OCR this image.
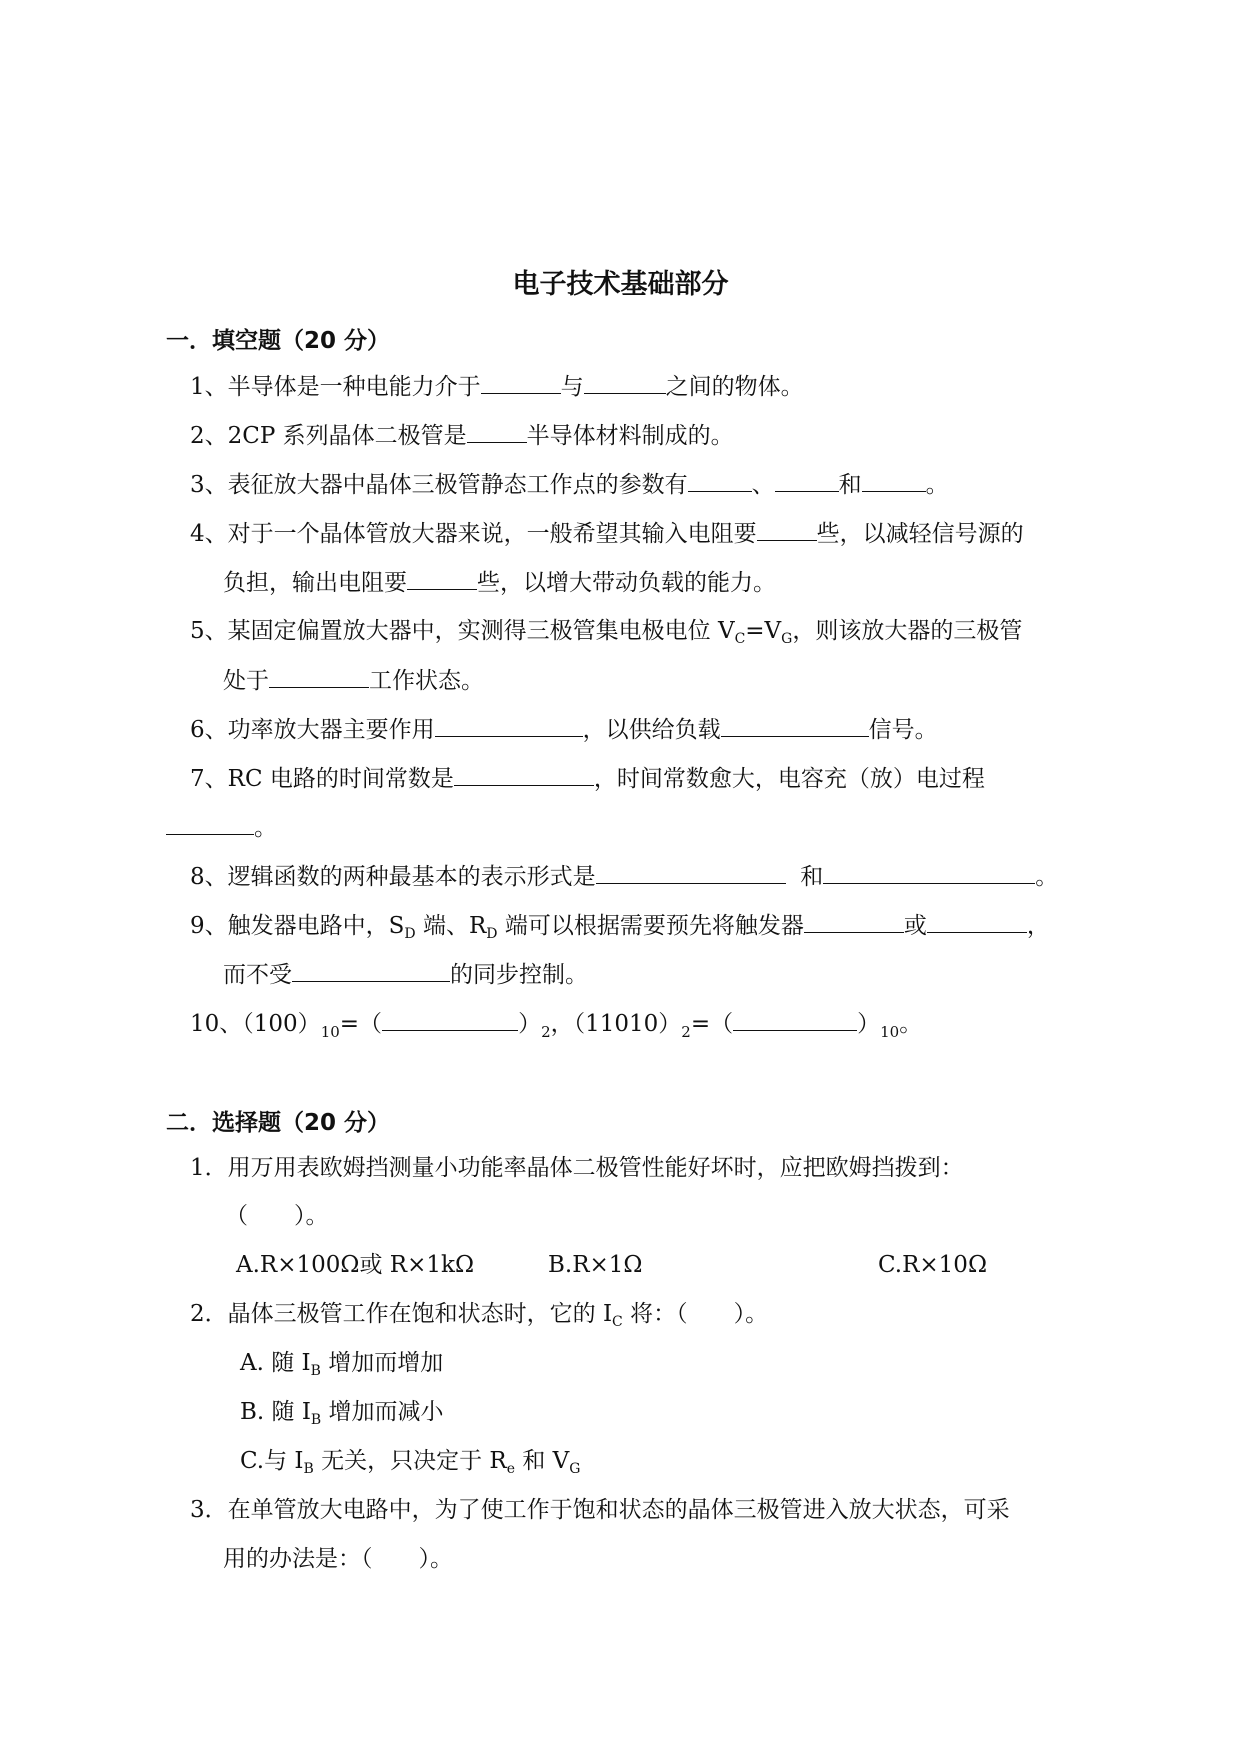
电子技术基础部分
一．填空题（20 分）
1、半导体是一种电能力介于	与	之间的物体。
2、2CP 系列晶体二极管是	半导体材料制成的。
3、表征放大器中晶体三极管静态工作点的参数有	、	和	。
4、对于一个晶体管放大器来说，一般希望其输入电阻要	些，以减轻信号源的
负担，输出电阻要	些，以增大带动负载的能力。
5、某固定偏置放大器中，实测得三极管集电极电位 $V_C=V_G$，则该放大器的三极管
处于	工作状态。
6、功率放大器主要作用	，以供给负载	信号。
7、RC 电路的时间常数是	，时间常数愈大，电容充（放）电过程
。
8、逻辑函数的两种最基本的表示形式是	和	。
9、触发器电路中，$S_D$ 端、$R_D$ 端可以根据需要预先将触发器	或	，
而不受	的同步控制。
10、$(100)_{10}=$（	）$_2$，$(11010)_2=$（	）$_{10}$。
二．选择题（20 分）
1．用万用表欧姆挡测量小功能率晶体二极管性能好坏时，应把欧姆挡拨到：
（　　）。
A.R×100Ω或 R×1kΩ	B.R×1Ω	C.R×10Ω
2．晶体三极管工作在饱和状态时，它的 $I_C$ 将：（　　）。
A. 随 $I_B$ 增加而增加
B. 随 $I_B$ 增加而减小
C.与 $I_B$ 无关，只决定于 $R_e$ 和 $V_G$
3．在单管放大电路中，为了使工作于饱和状态的晶体三极管进入放大状态，可采
用的办法是：（　　）。
